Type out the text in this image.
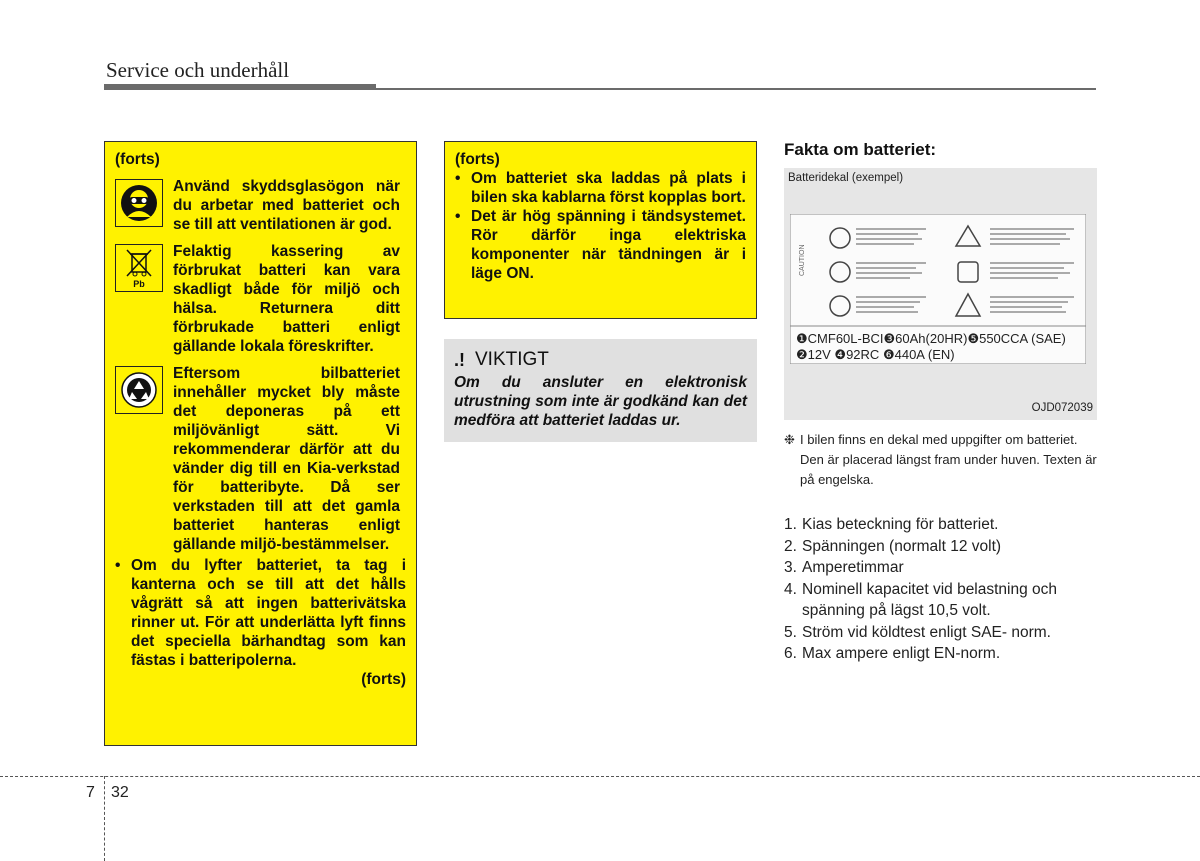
Service och underhåll
(forts)
Använd skyddsglasögon när du arbetar med batteriet och se till att ventilationen är god.
Pb
Felaktig kassering av förbrukat batteri kan vara skadligt både för miljö och hälsa. Returnera ditt förbrukade batteri enligt gällande lokala föreskrifter.
Eftersom bilbatteriet innehåller mycket bly måste det deponeras på ett miljövänligt sätt. Vi rekommenderar därför att du vänder dig till en Kia-verkstad för batteribyte. Då ser verkstaden till att det gamla batteriet hanteras enligt gällande miljö-bestämmelser.
• Om du lyfter batteriet, ta tag i kanterna och se till att det hålls vågrätt så att ingen batterivätska rinner ut. För att underlätta lyft finns det speciella bärhandtag som kan fästas i batteripolerna.
(forts)
(forts)
• Om batteriet ska laddas på plats i bilen ska kablarna först kopplas bort.
• Det är hög spänning i tändsystemet. Rör därför inga elektriska komponenter när tändningen är i läge ON.
.! VIKTIGT
Om du ansluter en elektronisk utrustning som inte är godkänd kan det medföra att batteriet laddas ur.
Fakta om batteriet:
Batteridekal (exempel)
CAUTION
❶CMF60L-BCI❸60Ah(20HR)❺550CCA (SAE)
❷12V ❹92RC ❻440A (EN)
OJD072039
❉ I bilen finns en dekal med uppgifter om batteriet. Den är placerad längst fram under huven. Texten är på engelska.
1. Kias beteckning för batteriet.
2. Spänningen (normalt 12 volt)
3. Amperetimmar
4. Nominell kapacitet vid belastning och spänning på lägst 10,5 volt.
5. Ström vid köldtest enligt SAE- norm.
6. Max ampere enligt EN-norm.
7 32
